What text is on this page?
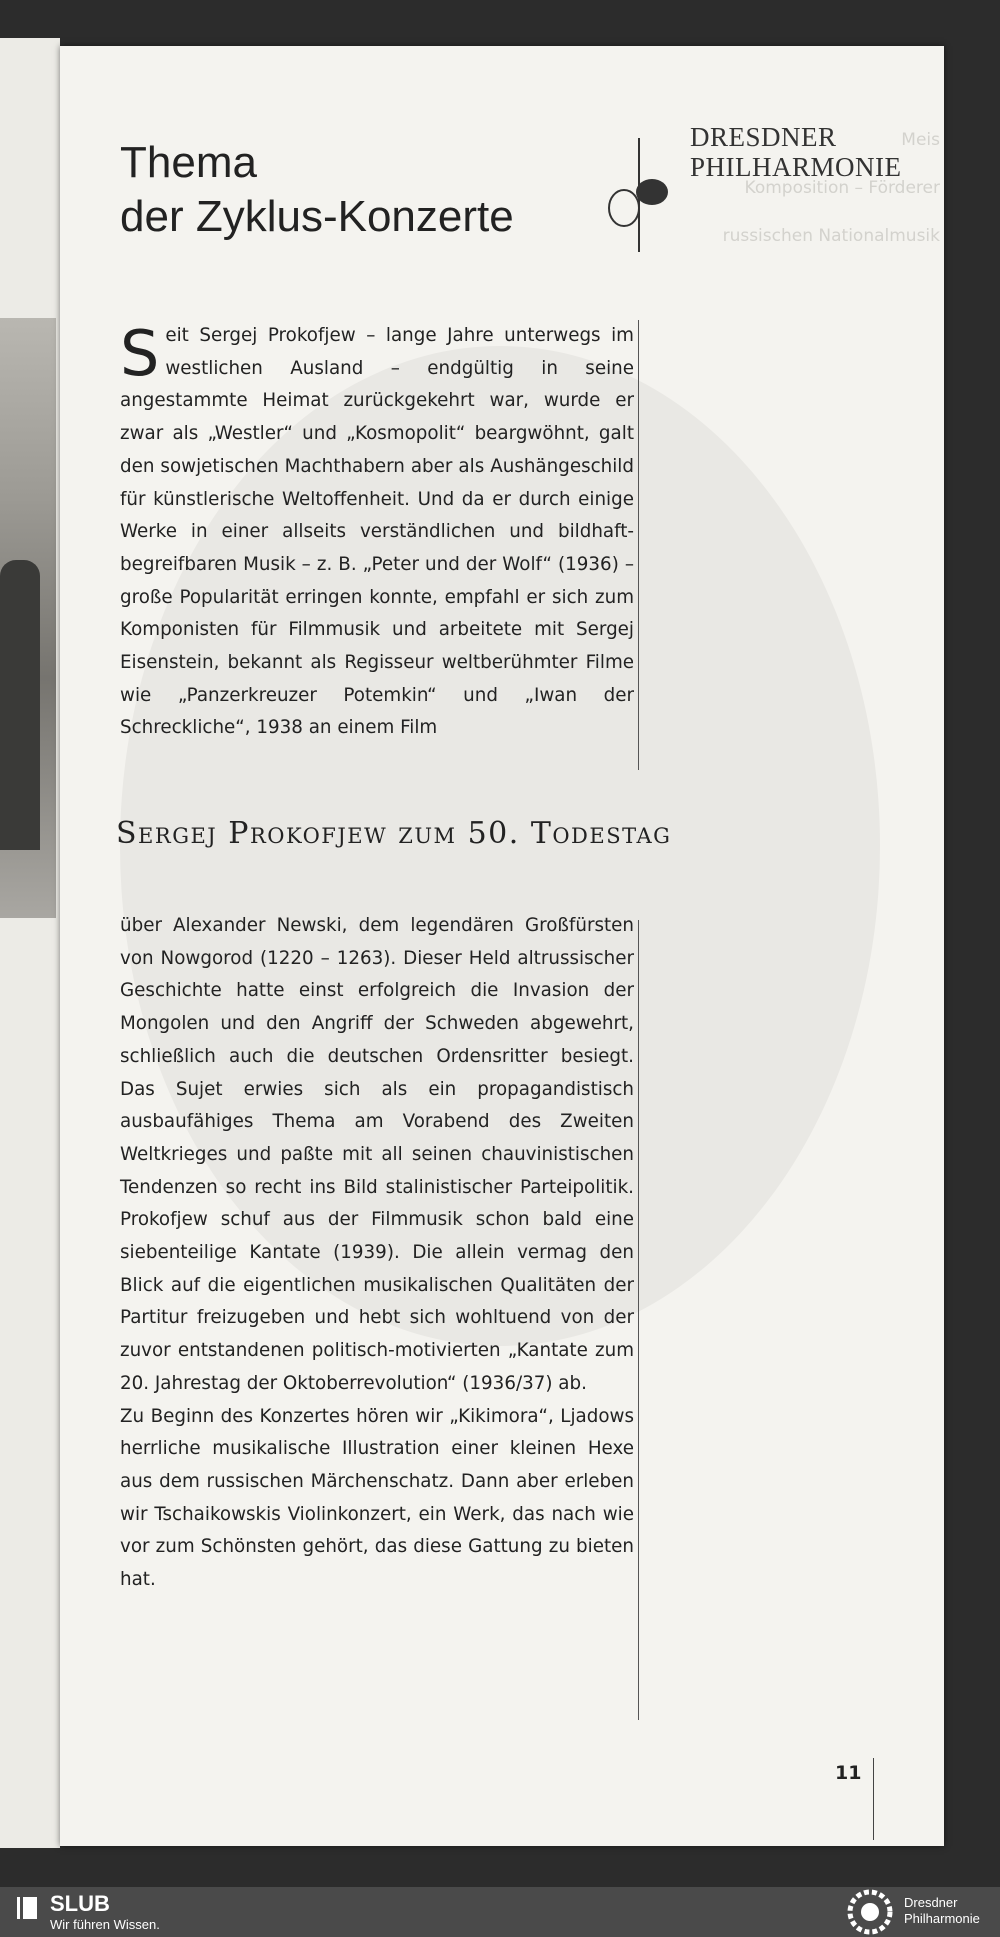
Meis
Komposition – Förderer
russischen Nationalmusik
Thema
der Zyklus-Konzerte
DRESDNER
PHILHARMONIE
S eit Sergej Prokofjew – lange Jahre unterwegs im westlichen Ausland – endgültig in seine angestammte Heimat zurückgekehrt war, wurde er zwar als „Westler“ und „Kosmopolit“ beargwöhnt, galt den sowjetischen Machthabern aber als Aushängeschild für künstlerische Weltoffenheit. Und da er durch einige Werke in einer allseits verständlichen und bildhaft-begreifbaren Musik – z. B. „Peter und der Wolf“ (1936) – große Popularität erringen konnte, empfahl er sich zum Komponisten für Filmmusik und arbeitete mit Sergej Eisenstein, bekannt als Regisseur weltberühmter Filme wie „Panzerkreuzer Potemkin“ und „Iwan der Schreckliche“, 1938 an einem Film

Sergej Prokofjew zum 50. Todestag

über Alexander Newski, dem legendären Großfürsten von Nowgorod (1220 – 1263). Dieser Held altrussischer Geschichte hatte einst erfolgreich die Invasion der Mongolen und den Angriff der Schweden abgewehrt, schließlich auch die deutschen Ordensritter besiegt. Das Sujet erwies sich als ein propagandistisch ausbaufähiges Thema am Vorabend des Zweiten Weltkrieges und paßte mit all seinen chauvinistischen Tendenzen so recht ins Bild stalinistischer Parteipolitik. Prokofjew schuf aus der Filmmusik schon bald eine siebenteilige Kantate (1939). Die allein vermag den Blick auf die eigentlichen musikalischen Qualitäten der Partitur freizugeben und hebt sich wohltuend von der zuvor entstandenen politisch-motivierten „Kantate zum 20. Jahrestag der Oktoberrevolution“ (1936/37) ab.

Zu Beginn des Konzertes hören wir „Kikimora“, Ljadows herrliche musikalische Illustration einer kleinen Hexe aus dem russischen Märchenschatz. Dann aber erleben wir Tschaikowskis Violinkonzert, ein Werk, das nach wie vor zum Schönsten gehört, das diese Gattung zu bieten hat.

11
SLUB
Wir führen Wissen.
Dresdner
Philharmonie
